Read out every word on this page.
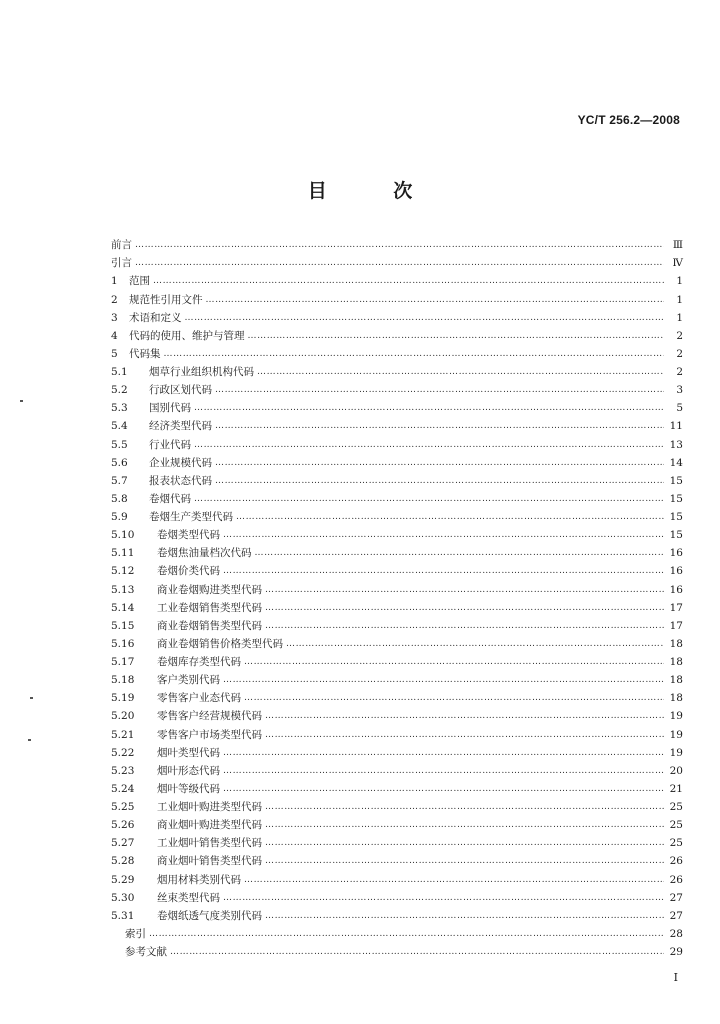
YC/T 256.2—2008
目 次
前言 ……………………………………………………………………………………………………………………………………………………………………………………………………	Ⅲ
引言 ……………………………………………………………………………………………………………………………………………………………………………………………………	Ⅳ
1	范围 ……………………………………………………………………………………………………………………………………………………………………………………………………	1
2	规范性引用文件 ……………………………………………………………………………………………………………………………………………………………………………………………………	1
3	术语和定义 ……………………………………………………………………………………………………………………………………………………………………………………………………	1
4	代码的使用、维护与管理 ……………………………………………………………………………………………………………………………………………………………………………………………………	2
5	代码集 ……………………………………………………………………………………………………………………………………………………………………………………………………	2
5.1	烟草行业组织机构代码 ……………………………………………………………………………………………………………………………………………………………………………………………………	2
5.2	行政区划代码 ……………………………………………………………………………………………………………………………………………………………………………………………………	3
5.3	国别代码 ……………………………………………………………………………………………………………………………………………………………………………………………………	5
5.4	经济类型代码 ……………………………………………………………………………………………………………………………………………………………………………………………………	11
5.5	行业代码 ……………………………………………………………………………………………………………………………………………………………………………………………………	13
5.6	企业规模代码 ……………………………………………………………………………………………………………………………………………………………………………………………………	14
5.7	报表状态代码 ……………………………………………………………………………………………………………………………………………………………………………………………………	15
5.8	卷烟代码 ……………………………………………………………………………………………………………………………………………………………………………………………………	15
5.9	卷烟生产类型代码 ……………………………………………………………………………………………………………………………………………………………………………………………………	15
5.10	卷烟类型代码 ……………………………………………………………………………………………………………………………………………………………………………………………………	15
5.11	卷烟焦油量档次代码 ……………………………………………………………………………………………………………………………………………………………………………………………………	16
5.12	卷烟价类代码 ……………………………………………………………………………………………………………………………………………………………………………………………………	16
5.13	商业卷烟购进类型代码 ……………………………………………………………………………………………………………………………………………………………………………………………………	16
5.14	工业卷烟销售类型代码 ……………………………………………………………………………………………………………………………………………………………………………………………………	17
5.15	商业卷烟销售类型代码 ……………………………………………………………………………………………………………………………………………………………………………………………………	17
5.16	商业卷烟销售价格类型代码 ……………………………………………………………………………………………………………………………………………………………………………………………………	18
5.17	卷烟库存类型代码 ……………………………………………………………………………………………………………………………………………………………………………………………………	18
5.18	客户类别代码 ……………………………………………………………………………………………………………………………………………………………………………………………………	18
5.19	零售客户业态代码 ……………………………………………………………………………………………………………………………………………………………………………………………………	18
5.20	零售客户经营规模代码 ……………………………………………………………………………………………………………………………………………………………………………………………………	19
5.21	零售客户市场类型代码 ……………………………………………………………………………………………………………………………………………………………………………………………………	19
5.22	烟叶类型代码 ……………………………………………………………………………………………………………………………………………………………………………………………………	19
5.23	烟叶形态代码 ……………………………………………………………………………………………………………………………………………………………………………………………………	20
5.24	烟叶等级代码 ……………………………………………………………………………………………………………………………………………………………………………………………………	21
5.25	工业烟叶购进类型代码 ……………………………………………………………………………………………………………………………………………………………………………………………………	25
5.26	商业烟叶购进类型代码 ……………………………………………………………………………………………………………………………………………………………………………………………………	25
5.27	工业烟叶销售类型代码 ……………………………………………………………………………………………………………………………………………………………………………………………………	25
5.28	商业烟叶销售类型代码 ……………………………………………………………………………………………………………………………………………………………………………………………………	26
5.29	烟用材料类别代码 ……………………………………………………………………………………………………………………………………………………………………………………………………	26
5.30	丝束类型代码 ……………………………………………………………………………………………………………………………………………………………………………………………………	27
5.31	卷烟纸透气度类别代码 ……………………………………………………………………………………………………………………………………………………………………………………………………	27
索引 ……………………………………………………………………………………………………………………………………………………………………………………………………	28
参考文献 ……………………………………………………………………………………………………………………………………………………………………………………………………	29
I
